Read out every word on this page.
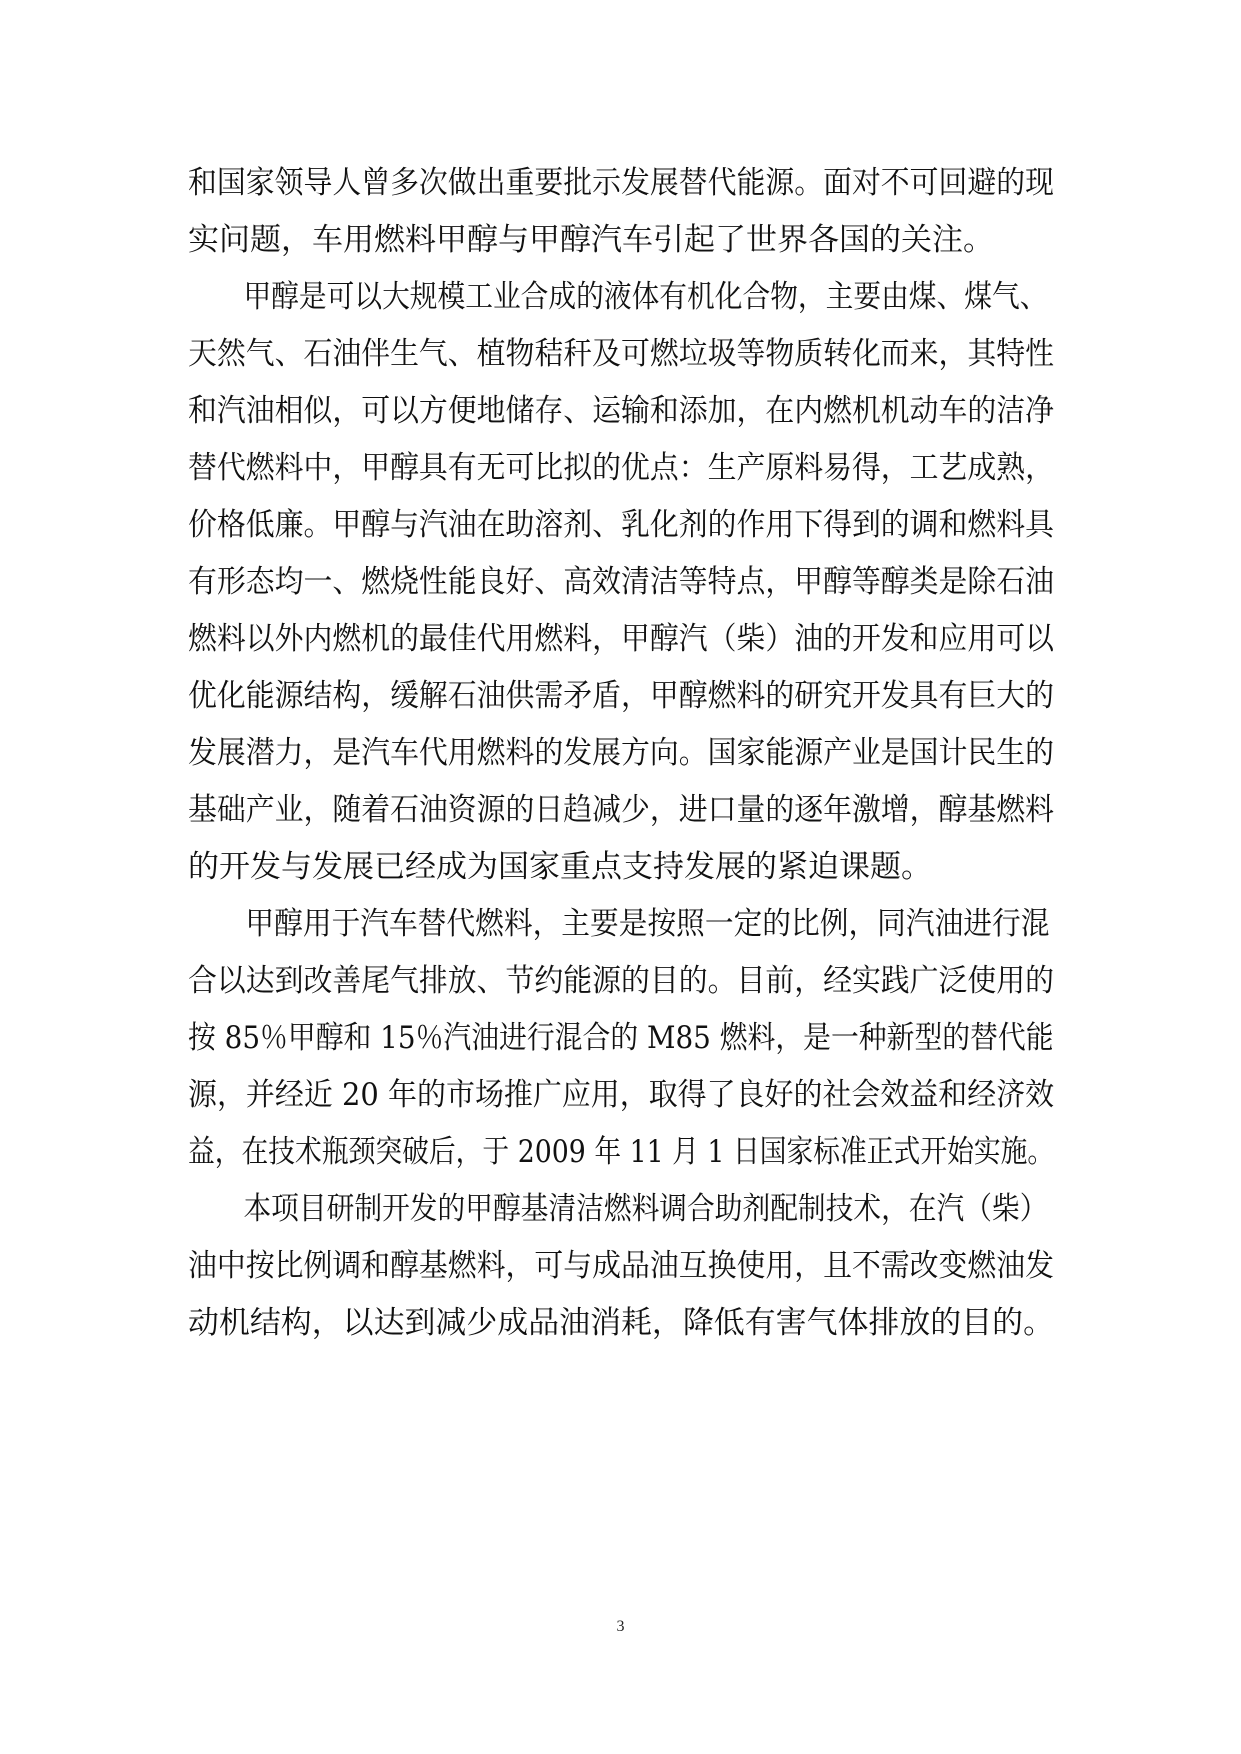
和国家领导人曾多次做出重要批示发展替代能源。面对不可回避的现
实问题，车用燃料甲醇与甲醇汽车引起了世界各国的关注。

甲醇是可以大规模工业合成的液体有机化合物，主要由煤、煤气、
天然气、石油伴生气、植物秸秆及可燃垃圾等物质转化而来，其特性
和汽油相似，可以方便地储存、运输和添加，在内燃机机动车的洁净
替代燃料中，甲醇具有无可比拟的优点：生产原料易得，工艺成熟，
价格低廉。甲醇与汽油在助溶剂、乳化剂的作用下得到的调和燃料具
有形态均一、燃烧性能良好、高效清洁等特点，甲醇等醇类是除石油
燃料以外内燃机的最佳代用燃料，甲醇汽（柴）油的开发和应用可以
优化能源结构，缓解石油供需矛盾，甲醇燃料的研究开发具有巨大的
发展潜力，是汽车代用燃料的发展方向。国家能源产业是国计民生的
基础产业，随着石油资源的日趋减少，进口量的逐年激增，醇基燃料
的开发与发展已经成为国家重点支持发展的紧迫课题。

甲醇用于汽车替代燃料，主要是按照一定的比例，同汽油进行混
合以达到改善尾气排放、节约能源的目的。目前，经实践广泛使用的
按 85％甲醇和 15％汽油进行混合的 M85 燃料，是一种新型的替代能
源，并经近 20 年的市场推广应用，取得了良好的社会效益和经济效
益，在技术瓶颈突破后，于 2009 年 11 月 1 日国家标准正式开始实施。

本项目研制开发的甲醇基清洁燃料调合助剂配制技术，在汽（柴）
油中按比例调和醇基燃料，可与成品油互换使用，且不需改变燃油发
动机结构，以达到减少成品油消耗，降低有害气体排放的目的。

3
